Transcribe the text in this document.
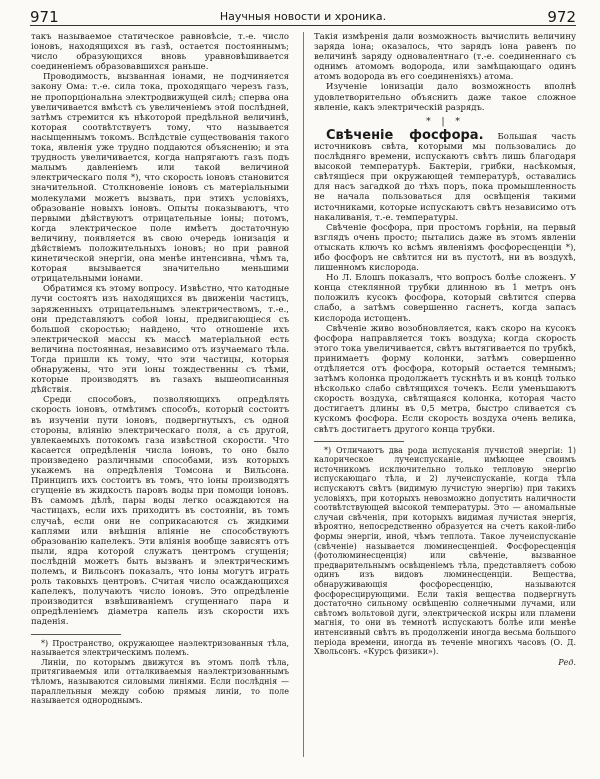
971	Научныя новости и хроника.	972

такъ называемое статическое равновѣсiе, т.-е. число iоновъ, находящихся въ газѣ, остается постояннымъ; число образующихся вновь уравновѣшивается соединенiемъ образовавшихся раньше.

Проводимость, вызванная iонами, не подчиняется закону Ома: т.-е. сила тока, проходящаго черезъ газъ, не пропорцiональна электродвижущей силѣ; сперва она увеличивается вмѣстѣ съ увеличенiемъ этой послѣдней, затѣмъ стремится къ нѣкоторой предѣльной величинѣ, которая соотвѣтствуетъ тому, что называется насыщеннымъ токомъ. Вслѣдствiе существованiя такого тока, явленiя уже трудно поддаются объясненiю; и эта трудность увеличивается, когда напрягаютъ газъ подъ малымъ давленiемъ или такой величиной электрическаго поля *), что скорость iоновъ становится значительной. Столкновенiе iоновъ съ матерiальными молекулами можетъ вызвать, при этихъ условiяхъ, образованiе новыхъ iоновъ. Опыты показываютъ, что первыми дѣйствуютъ отрицательные iоны; потомъ, когда электрическое поле имѣетъ достаточную величину, появляется въ свою очередь iонизацiя и дѣйствiемъ положительныхъ iоновъ; но при равной кинетической энергiи, она менѣе интенсивна, чѣмъ та, которая вызывается значительно меньшими отрицательными iонами.

Обратимся къ этому вопросу. Извѣстно, что катодные лучи состоятъ изъ находящихся въ движенiи частицъ, заряженныхъ отрицательнымъ электричествомъ, т.-е., они представляютъ собой iоны, предвигающiеся съ большой скоростью; найдено, что отношенiе ихъ электрической массы къ массѣ матерiальной есть величина постоянная, независимо отъ изучаемаго тѣла. Тогда пришли къ тому, что эти частицы, которыя обнаружены, что эти iоны тождественны съ тѣми, которые производятъ въ газахъ вышеописанныя дѣйствiя.

Среди способовъ, позволяющихъ опредѣлять скорость iоновъ, отмѣтимъ способъ, который состоитъ въ изученiи пути iоновъ, подвергнутыхъ, съ одной стороны, влiянiю электрическаго поля, а съ другой, увлекаемыхъ потокомъ газа извѣстной скорости. Что касается опредѣленiя числа iоновъ, то оно было произведено различными способами, изъ которыхъ укажемъ на опредѣленiя Томсона и Вильсона. Принципъ ихъ состоитъ въ томъ, что iоны производятъ сгущенiе въ жидкость паровъ воды при помощи iоновъ. Въ самомъ дѣлѣ, пары воды легко осаждаются на частицахъ, если ихъ приходитъ въ состоянiи, въ томъ случаѣ, если они не соприкасаются съ жидкими каплями или внѣшнiя влiянiе не способствуютъ образованiю капелекъ. Эти влiянiя вообще зависятъ отъ пыли, ядра которой служатъ центромъ сгущенiя; послѣднiй можетъ быть вызванъ и электрическимъ полемъ, и Вильсонъ показалъ, что iоны могутъ играть роль таковыхъ центровъ. Считая число осаждающихся капелекъ, получаютъ число iоновъ. Это опредѣленiе производится взвѣшиванiемъ сгущеннаго пара и опредѣленiемъ дiаметра капель изъ скорости ихъ паденiя.

*) Пространство, окружающее наэлектризованныя тѣла, называется электрическимъ полемъ.

Линiи, по которымъ движутся въ этомъ полѣ тѣла, притягиваемыя или отталкиваемыя наэлектризованнымъ тѣломъ, называются силовыми линiями. Если послѣднiя — параллельныя между собою прямыя линiи, то поле называется однороднымъ.

Такiя измѣренiя дали возможность вычислить величину заряда iона; оказалось, что зарядъ iона равенъ по величинѣ заряду одновалентнаго (т.-е. соединеннаго съ однимъ атомомъ водорода, или замѣщающаго одинъ атомъ водорода въ его соединенiяхъ) атома.

Изученiе iонизацiи дало возможность вполнѣ удовлетворительно объяснить даже такое сложное явленiе, какъ электрическiй разрядъ.

* | *

Свѣченiе фосфора. Большая часть источниковъ свѣта, которыми мы пользовались до послѣдняго времени, испускаютъ свѣтъ лишь благодаря высокой температурѣ. Бактерiи, грибки, насѣкомыя, свѣтящiеся при окружающей температурѣ, оставались для насъ загадкой до тѣхъ поръ, пока промышленность не начала пользоваться для освѣщенiя такими источниками, которые испускаютъ свѣтъ независимо отъ накаливанiя, т.-е. температуры.

Свѣченiе фосфора, при простомъ горѣнiи, на первый взглядъ очень просто; пытались даже въ этомъ явленiи отыскать ключъ ко всѣмъ явленiямъ фосфоресценцiи *), ибо фосфоръ не свѣтится ни въ пустотѣ, ни въ воздухѣ, лишенномъ кислорода.

Но Л. Блошъ показалъ, что вопросъ болѣе сложенъ. У конца стеклянной трубки длинною въ 1 метръ онъ положилъ кусокъ фосфора, который свѣтится сперва слабо, а затѣмъ совершенно гаснетъ, когда запасъ кислорода истощенъ.

Свѣченiе живо возобновляется, какъ скоро на кусокъ фосфора направляется токъ воздуха; когда скорость этого тока увеличивается, свѣтъ вытягивается по трубкѣ, принимаетъ форму колонки, затѣмъ совершенно отдѣляется отъ фосфора, который остается темнымъ; затѣмъ колонка продолжаетъ тускнѣть и въ концѣ только нѣсколько слабо свѣтящихся точекъ. Если уменьшаютъ скорость воздуха, свѣтящаяся колонка, которая часто достигаетъ длины въ 0,5 метра, быстро сливается съ кускомъ фосфора. Если скорость воздуха очень велика, свѣтъ достигаетъ другого конца трубки.

*) Отличаютъ два рода испусканiя лучистой энергiи: 1) калорическое лучеиспусканiе, имѣющее своимъ источникомъ исключительно только тепловую энергiю испускающаго тѣла, и 2) лучеиспусканiе, когда тѣла испускаютъ свѣтъ (видимую лучистую энергiю) при такихъ условiяхъ, при которыхъ невозможно допустить наличности соотвѣтствующей высокой температуры. Это — аномальные случаи свѣченiя, при которыхъ видимая лучистая энергiя, вѣроятно, непосредственно образуется на счетъ какой-либо формы энергiи, иной, чѣмъ теплота. Такое лучеиспусканiе (свѣченiе) называется люминесценцiей. Фосфоресценцiя (фотолюминесценцiя) или свѣченiе, вызванное предварительнымъ освѣщенiемъ тѣла, представляетъ собою одинъ изъ видовъ люминесценцiи. Вещества, обнаруживающiя фосфоресценцiю, называются фосфоресцирующими. Если такiя вещества подвергнуть достаточно сильному освѣщенiю солнечными лучами, или свѣтомъ вольтовой дуги, электрической искры или пламени магнiя, то они въ темнотѣ испускаютъ болѣе или менѣе интенсивный свѣтъ въ продолженiи иногда весьма большого перiода времени, иногда въ теченiе многихъ часовъ (О. Д. Хвольсонъ. «Курсъ физики»).

Ред.
